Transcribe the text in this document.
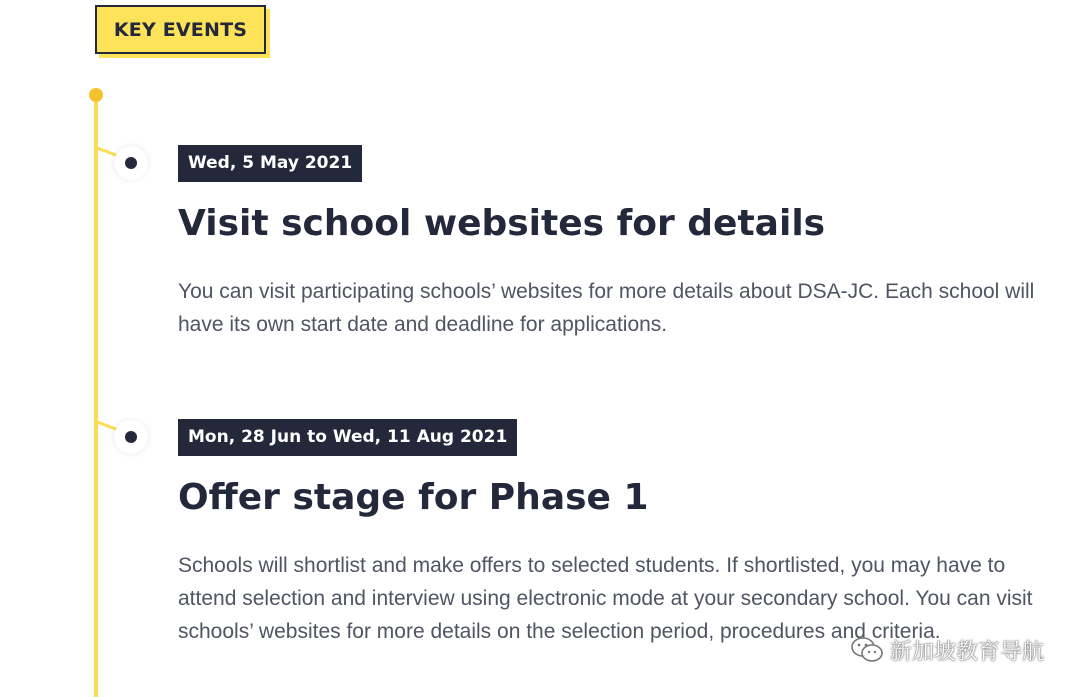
KEY EVENTS
Wed, 5 May 2021
Visit school websites for details

You can visit participating schools’ websites for more details about DSA-JC. Each school will have its own start date and deadline for applications.

Mon, 28 Jun to Wed, 11 Aug 2021
Offer stage for Phase 1

Schools will shortlist and make offers to selected students. If shortlisted, you may have to attend selection and interview using electronic mode at your secondary school. You can visit schools’ websites for more details on the selection period, procedures and criteria.

新加坡教育导航
